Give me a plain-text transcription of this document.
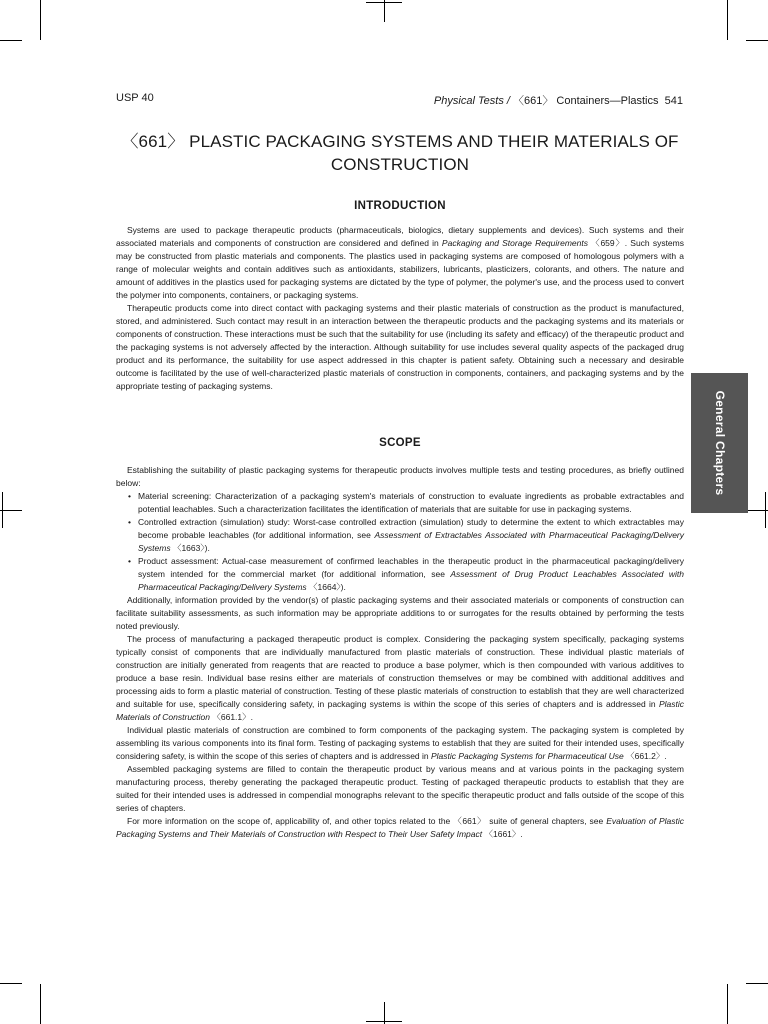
USP 40	Physical Tests / 〈661〉 Containers—Plastics 541
〈661〉 PLASTIC PACKAGING SYSTEMS AND THEIR MATERIALS OF CONSTRUCTION
INTRODUCTION

Systems are used to package therapeutic products (pharmaceuticals, biologics, dietary supplements and devices). Such systems and their associated materials and components of construction are considered and defined in Packaging and Storage Requirements 〈659〉. Such systems may be constructed from plastic materials and components. The plastics used in packaging systems are composed of homologous polymers with a range of molecular weights and contain additives such as antioxidants, stabilizers, lubricants, plasticizers, colorants, and others. The nature and amount of additives in the plastics used for packaging systems are dictated by the type of polymer, the polymer's use, and the process used to convert the polymer into components, containers, or packaging systems.

Therapeutic products come into direct contact with packaging systems and their plastic materials of construction as the product is manufactured, stored, and administered. Such contact may result in an interaction between the therapeutic products and the packaging systems and its materials or components of construction. These interactions must be such that the suitability for use (including its safety and efficacy) of the therapeutic product and the packaging systems is not adversely affected by the interaction. Although suitability for use includes several quality aspects of the packaged drug product and its performance, the suitability for use aspect addressed in this chapter is patient safety. Obtaining such a necessary and desirable outcome is facilitated by the use of well-characterized plastic materials of construction in components, containers, and packaging systems and by the appropriate testing of packaging systems.

SCOPE

Establishing the suitability of plastic packaging systems for therapeutic products involves multiple tests and testing procedures, as briefly outlined below:

• Material screening: Characterization of a packaging system's materials of construction to evaluate ingredients as probable extractables and potential leachables. Such a characterization facilitates the identification of materials that are suitable for use in packaging systems.
• Controlled extraction (simulation) study: Worst-case controlled extraction (simulation) study to determine the extent to which extractables may become probable leachables (for additional information, see Assessment of Extractables Associated with Pharmaceutical Packaging/Delivery Systems 〈1663〉).
• Product assessment: Actual-case measurement of confirmed leachables in the therapeutic product in the pharmaceutical packaging/delivery system intended for the commercial market (for additional information, see Assessment of Drug Product Leachables Associated with Pharmaceutical Packaging/Delivery Systems 〈1664〉).

Additionally, information provided by the vendor(s) of plastic packaging systems and their associated materials or components of construction can facilitate suitability assessments, as such information may be appropriate additions to or surrogates for the results obtained by performing the tests noted previously.

The process of manufacturing a packaged therapeutic product is complex. Considering the packaging system specifically, packaging systems typically consist of components that are individually manufactured from plastic materials of construction. These individual plastic materials of construction are initially generated from reagents that are reacted to produce a base polymer, which is then compounded with various additives to produce a base resin. Individual base resins either are materials of construction themselves or may be combined with additional additives and processing aids to form a plastic material of construction. Testing of these plastic materials of construction to establish that they are well characterized and suitable for use, specifically considering safety, in packaging systems is within the scope of this series of chapters and is addressed in Plastic Materials of Construction 〈661.1〉.

Individual plastic materials of construction are combined to form components of the packaging system. The packaging system is completed by assembling its various components into its final form. Testing of packaging systems to establish that they are suited for their intended uses, specifically considering safety, is within the scope of this series of chapters and is addressed in Plastic Packaging Systems for Pharmaceutical Use 〈661.2〉.

Assembled packaging systems are filled to contain the therapeutic product by various means and at various points in the packaging system manufacturing process, thereby generating the packaged therapeutic product. Testing of packaged therapeutic products to establish that they are suited for their intended uses is addressed in compendial monographs relevant to the specific therapeutic product and falls outside of the scope of this series of chapters.

For more information on the scope of, applicability of, and other topics related to the 〈661〉 suite of general chapters, see Evaluation of Plastic Packaging Systems and Their Materials of Construction with Respect to Their User Safety Impact 〈1661〉.

General Chapters
